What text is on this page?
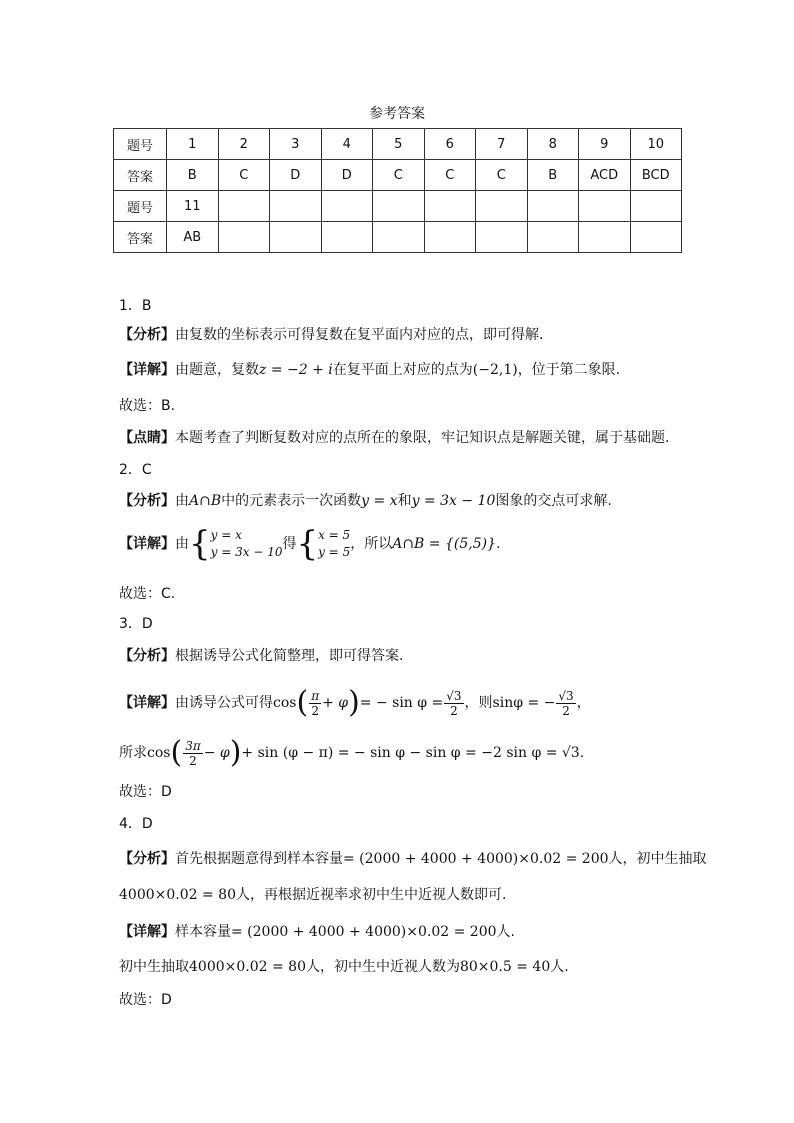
参考答案
题号	1	2	3	4	5	6	7	8	9	10
答案	B	C	D	D	C	C	C	B	ACD	BCD
题号	11									
答案	AB									
1．B
【分析】由复数的坐标表示可得复数在复平面内对应的点，即可得解.
【详解】由题意，复数z = −2 + i在复平面上对应的点为(−2,1)，位于第二象限.
故选：B.
【点睛】本题考查了判断复数对应的点所在的象限，牢记知识点是解题关键，属于基础题.
2．C
【分析】由A∩B中的元素表示一次函数y = x和y = 3x − 10图象的交点可求解.
【详解】由{ y = x
y = 3x − 10 得{ x = 5
y = 5 ，所以A∩B = {(5,5)}.
故选：C.
3．D
【分析】根据诱导公式化简整理，即可得答案.
【详解】由诱导公式可得$\cos( \frac{\pi}{2} + \varphi)= - \sin \varphi = \frac{√3}{2}$ ，则sinφ = − $\frac{√3}{2}$ ，
所求$\cos( \frac{3\pi}{2} - \varphi)+ \sin (\varphi - \pi)$ = − sin φ − sin φ = −2 sin φ = √3.
故选：D
4．D
【分析】首先根据题意得到样本容量= (2000 + 4000 + 4000)×0.02 = 200人，初中生抽取
4000×0.02 = 80人，再根据近视率求初中生中近视人数即可.
【详解】样本容量= (2000 + 4000 + 4000)×0.02 = 200人.
初中生抽取4000×0.02 = 80人，初中生中近视人数为80×0.5 = 40人.
故选：D
